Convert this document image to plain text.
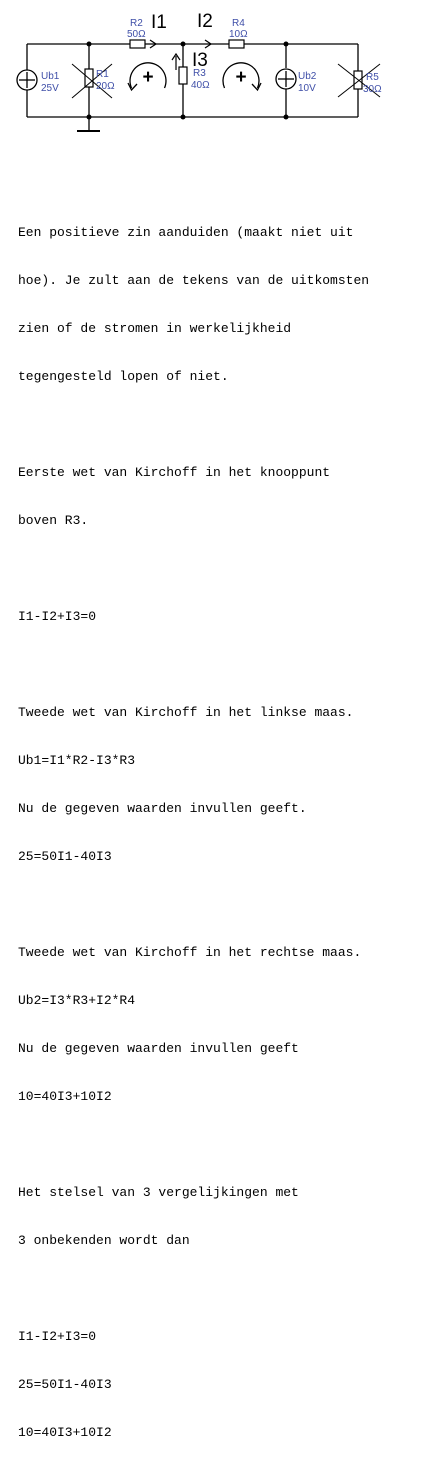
Ub1
25V
Ub2
10V
R1
20Ω
R2
50Ω
R3
40Ω
R4
10Ω
R5
30Ω
I1 I2
I3
+	+

Een positieve zin aanduiden (maakt niet uit

hoe). Je zult aan de tekens van de uitkomsten

zien of de stromen in werkelijkheid

tegengesteld lopen of niet.

Eerste wet van Kirchoff in het knooppunt

boven R3.

I1-I2+I3=0

Tweede wet van Kirchoff in het linkse maas.

Ub1=I1*R2-I3*R3

Nu de gegeven waarden invullen geeft.

25=50I1-40I3

Tweede wet van Kirchoff in het rechtse maas.

Ub2=I3*R3+I2*R4

Nu de gegeven waarden invullen geeft

10=40I3+10I2

Het stelsel van 3 vergelijkingen met

3 onbekenden wordt dan

I1-I2+I3=0

25=50I1-40I3

10=40I3+10I2
